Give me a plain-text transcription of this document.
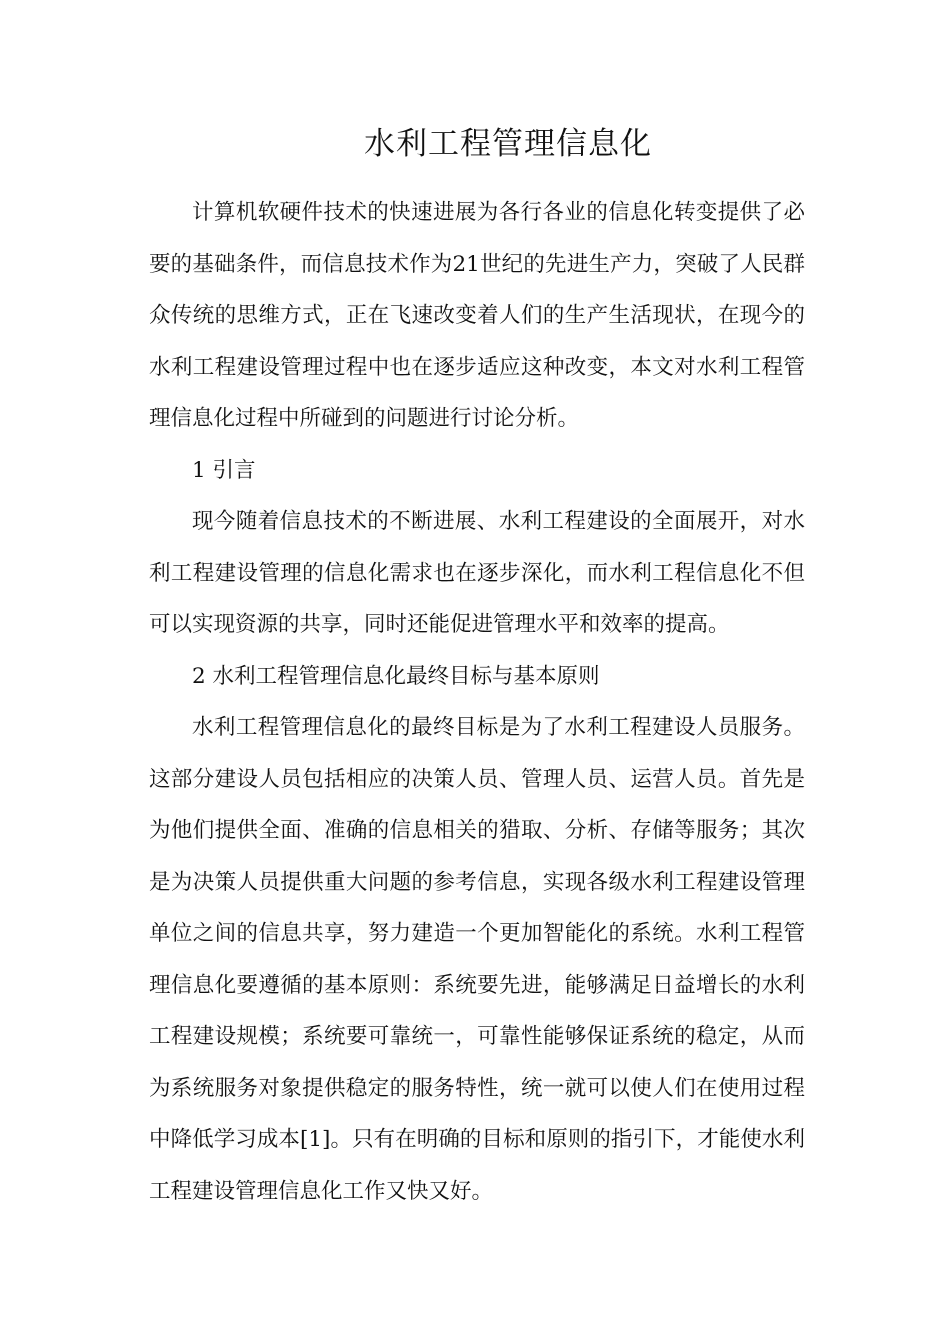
水利工程管理信息化

计算机软硬件技术的快速进展为各行各业的信息化转变提供了必要的基础条件，而信息技术作为21世纪的先进生产力，突破了人民群众传统的思维方式，正在飞速改变着人们的生产生活现状，在现今的水利工程建设管理过程中也在逐步适应这种改变，本文对水利工程管理信息化过程中所碰到的问题进行讨论分析。

1 引言

现今随着信息技术的不断进展、水利工程建设的全面展开，对水利工程建设管理的信息化需求也在逐步深化，而水利工程信息化不但可以实现资源的共享，同时还能促进管理水平和效率的提高。

2 水利工程管理信息化最终目标与基本原则

水利工程管理信息化的最终目标是为了水利工程建设人员服务。这部分建设人员包括相应的决策人员、管理人员、运营人员。首先是为他们提供全面、准确的信息相关的猎取、分析、存储等服务；其次是为决策人员提供重大问题的参考信息，实现各级水利工程建设管理单位之间的信息共享，努力建造一个更加智能化的系统。水利工程管理信息化要遵循的基本原则：系统要先进，能够满足日益增长的水利工程建设规模；系统要可靠统一，可靠性能够保证系统的稳定，从而为系统服务对象提供稳定的服务特性，统一就可以使人们在使用过程中降低学习成本[1]。只有在明确的目标和原则的指引下，才能使水利工程建设管理信息化工作又快又好。
